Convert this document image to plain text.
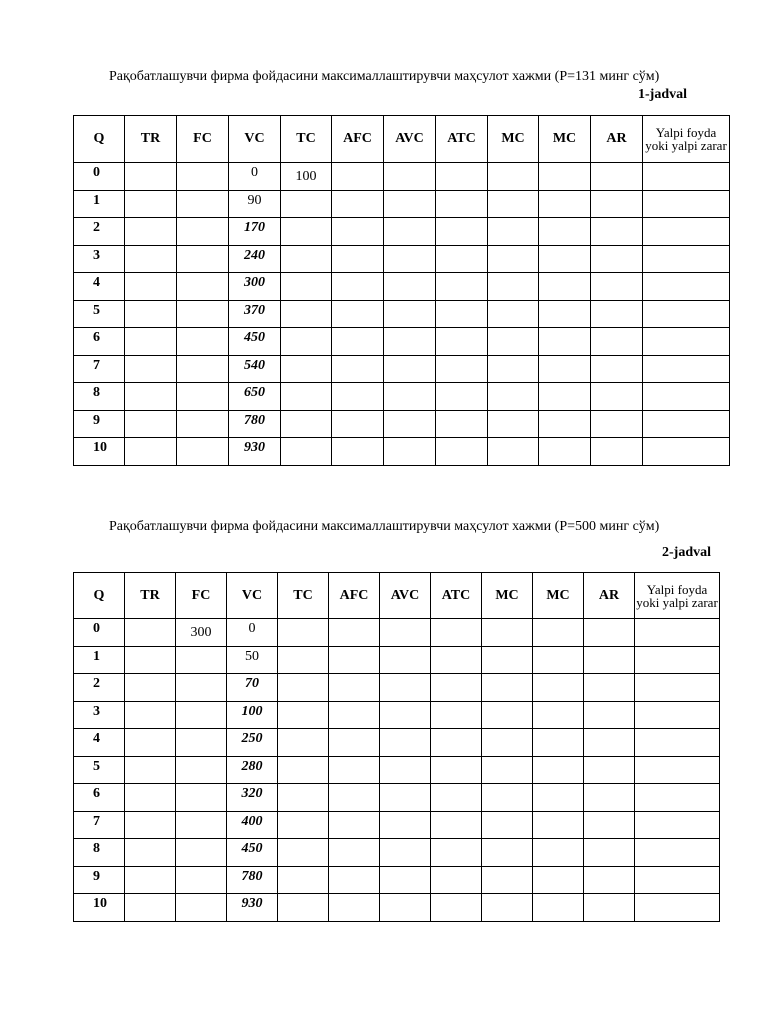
Рақобатлашувчи фирма фойдасини максималлаштирувчи маҳсулот хажми (Р=131 минг сўм)
1-jadval
Q	TR	FC	VC	TC	AFC	AVC	ATC	MC	MC	AR	Yalpi foyda yoki yalpi zarar
0			0	100							
1			90								
2			170								
3			240								
4			300								
5			370								
6			450								
7			540								
8			650								
9			780								
10			930								
Рақобатлашувчи фирма фойдасини максималлаштирувчи маҳсулот хажми (Р=500 минг сўм)
2-jadval
Q	TR	FC	VC	TC	AFC	AVC	ATC	MC	MC	AR	Yalpi foyda yoki yalpi zarar
0		300	0								
1			50								
2			70								
3			100								
4			250								
5			280								
6			320								
7			400								
8			450								
9			780								
10			930								
